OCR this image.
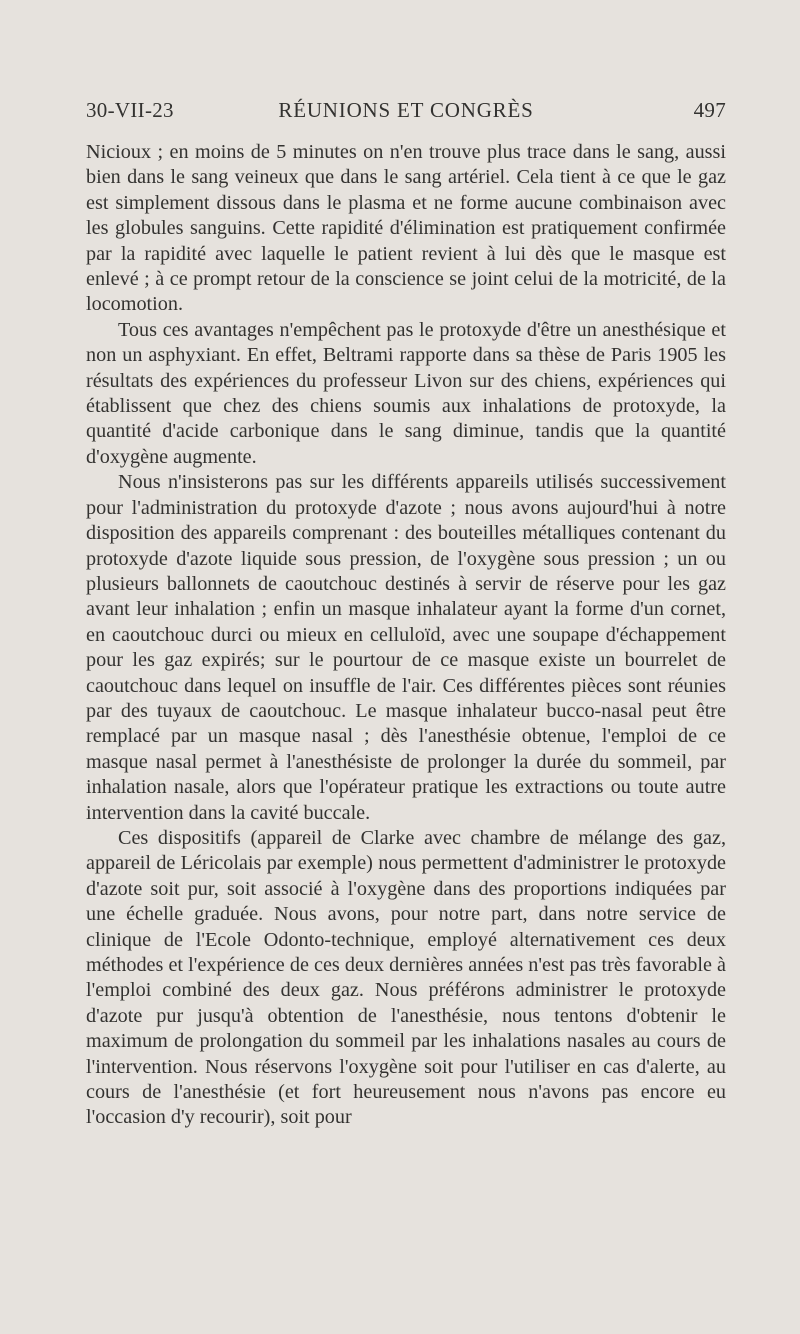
30-VII-23	RÉUNIONS ET CONGRÈS	497

Nicioux ; en moins de 5 minutes on n'en trouve plus trace dans le sang, aussi bien dans le sang veineux que dans le sang artériel. Cela tient à ce que le gaz est simplement dissous dans le plasma et ne forme aucune combinaison avec les globules sanguins. Cette rapidité d'élimination est pratiquement confirmée par la rapidité avec laquelle le patient revient à lui dès que le masque est enlevé ; à ce prompt retour de la conscience se joint celui de la motricité, de la locomotion.

Tous ces avantages n'empêchent pas le protoxyde d'être un anesthésique et non un asphyxiant. En effet, Beltrami rapporte dans sa thèse de Paris 1905 les résultats des expériences du professeur Livon sur des chiens, expériences qui établissent que chez des chiens soumis aux inhalations de protoxyde, la quantité d'acide carbonique dans le sang diminue, tandis que la quantité d'oxygène augmente.

Nous n'insisterons pas sur les différents appareils utilisés successivement pour l'administration du protoxyde d'azote ; nous avons aujourd'hui à notre disposition des appareils comprenant : des bouteilles métalliques contenant du protoxyde d'azote liquide sous pression, de l'oxygène sous pression ; un ou plusieurs ballonnets de caoutchouc destinés à servir de réserve pour les gaz avant leur inhalation ; enfin un masque inhalateur ayant la forme d'un cornet, en caoutchouc durci ou mieux en celluloïd, avec une soupape d'échappement pour les gaz expirés; sur le pourtour de ce masque existe un bourrelet de caoutchouc dans lequel on insuffle de l'air. Ces différentes pièces sont réunies par des tuyaux de caoutchouc. Le masque inhalateur bucco-nasal peut être remplacé par un masque nasal ; dès l'anesthésie obtenue, l'emploi de ce masque nasal permet à l'anesthésiste de prolonger la durée du sommeil, par inhalation nasale, alors que l'opérateur pratique les extractions ou toute autre intervention dans la cavité buccale.

Ces dispositifs (appareil de Clarke avec chambre de mélange des gaz, appareil de Léricolais par exemple) nous permettent d'administrer le protoxyde d'azote soit pur, soit associé à l'oxygène dans des proportions indiquées par une échelle graduée. Nous avons, pour notre part, dans notre service de clinique de l'Ecole Odonto-technique, employé alternativement ces deux méthodes et l'expérience de ces deux dernières années n'est pas très favorable à l'emploi combiné des deux gaz. Nous préférons administrer le protoxyde d'azote pur jusqu'à obtention de l'anesthésie, nous tentons d'obtenir le maximum de prolongation du sommeil par les inhalations nasales au cours de l'intervention. Nous réservons l'oxygène soit pour l'utiliser en cas d'alerte, au cours de l'anesthésie (et fort heureusement nous n'avons pas encore eu l'occasion d'y recourir), soit pour
